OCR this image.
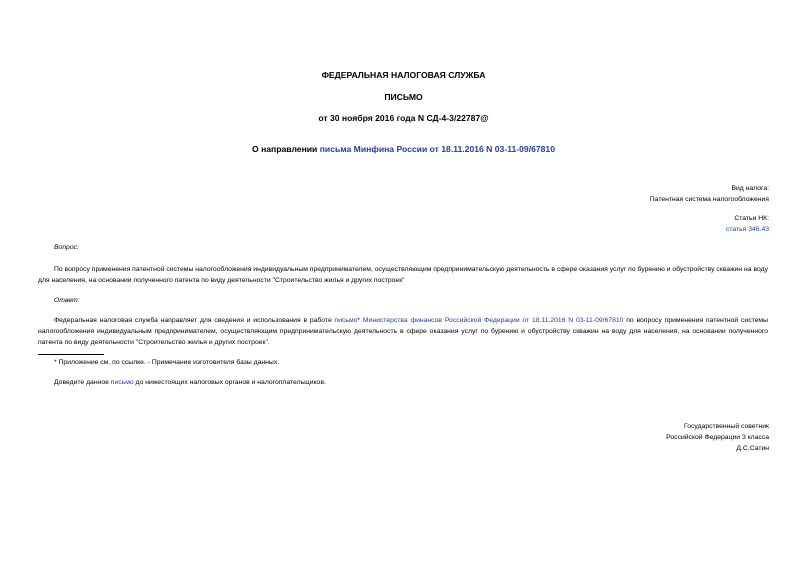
ФЕДЕРАЛЬНАЯ НАЛОГОВАЯ СЛУЖБА
ПИСЬМО
от 30 ноября 2016 года N СД-4-3/22787@
О направлении письма Минфина России от 18.11.2016 N 03-11-09/67810
Вид налога:
Патентная система налогообложения
Статьи НК:
статья 346.43
Вопрос:
По вопросу применения патентной системы налогообложения индивидуальным предпринимателем, осуществляющим предпринимательскую деятельность в сфере оказания услуг по бурению и обустройству скважин на воду для населения, на основании полученного патента по виду деятельности "Строительство жилья и других построек"
Ответ:
Федеральная налоговая служба направляет для сведения и использования в работе письмо* Министерства финансов Российской Федерации от 18.11.2016 N 03-11-09/67810 по вопросу применения патентной системы налогообложения индивидуальным предпринимателем, осуществляющим предпринимательскую деятельность в сфере оказания услуг по бурению и обустройству скважин на воду для населения, на основании полученного патента по виду деятельности "Строительство жилья и других построек".
* Приложение см. по ссылке. - Примечание изготовителя базы данных.
Доведите данное письмо до нижестоящих налоговых органов и налогоплательщиков.
Государственный советник
Российской Федерации 3 класса
Д.С.Сатин
